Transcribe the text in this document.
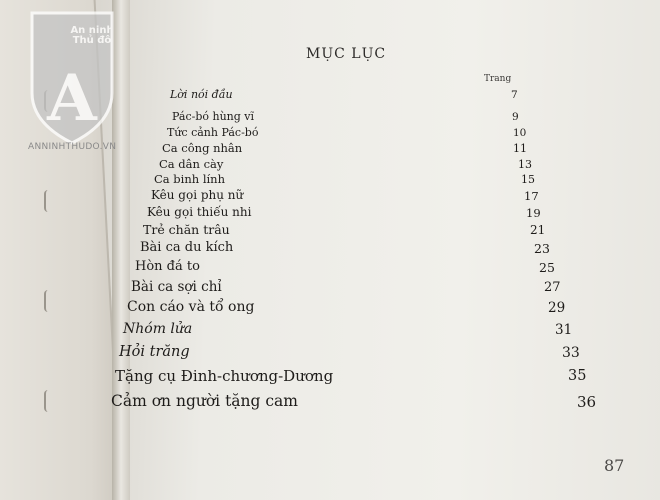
A
An ninh Thủ đô
ANNINHTHUDO.VN
MỤC LỤC
Trang
Lời nói đầu	7
Pác-bó hùng vĩ	9
Tức cảnh Pác-bó	10
Ca công nhân	11
Ca dân cày	13
Ca binh lính	15
Kêu gọi phụ nữ	17
Kêu gọi thiếu nhi	19
Trẻ chăn trâu	21
Bài ca du kích	23
Hòn đá to	25
Bài ca sợi chỉ	27
Con cáo và tổ ong	29
Nhóm lửa	31
Hỏi trăng	33
Tặng cụ Đinh-chương-Dương	35
Cảm ơn người tặng cam	36
87
